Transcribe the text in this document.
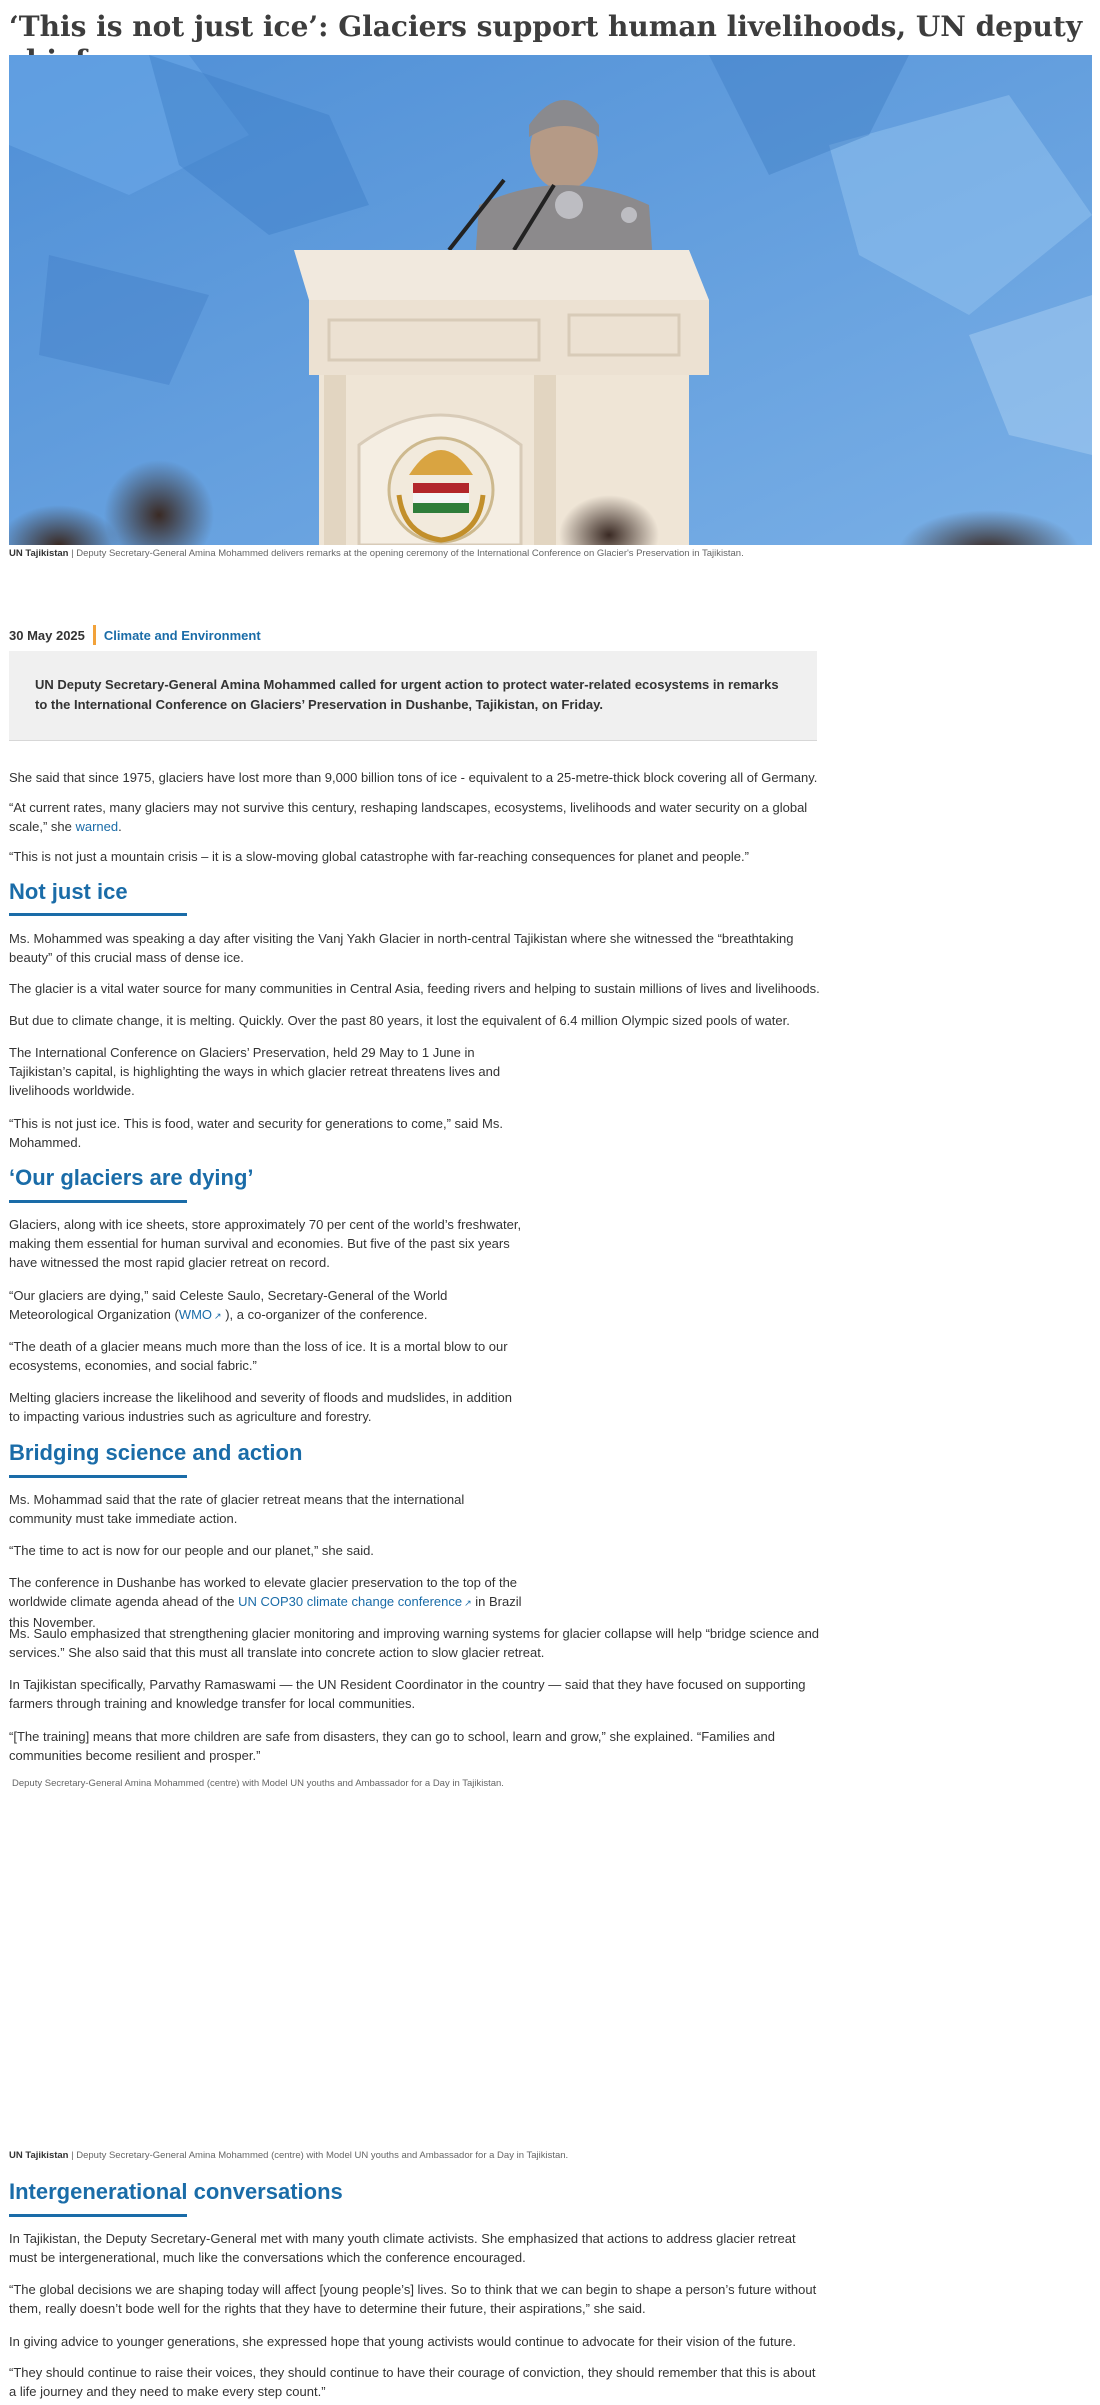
‘This is not just ice’: Glaciers support human livelihoods, UN deputy
UN Tajikistan | Deputy Secretary-General Amina Mohammed delivers remarks at the opening ceremony of the International Conference on Glacier's Preservation in Tajikistan.
30 May 2025 Climate and Environment

UN Deputy Secretary-General Amina Mohammed called for urgent action to protect water-related ecosystems in remarks to the International Conference on Glaciers’ Preservation in Dushanbe, Tajikistan, on Friday.

She said that since 1975, glaciers have lost more than 9,000 billion tons of ice - equivalent to a 25-metre-thick block covering all of Germany.

“At current rates, many glaciers may not survive this century, reshaping landscapes, ecosystems, livelihoods and water security on a global scale,” she warned.

“This is not just a mountain crisis – it is a slow-moving global catastrophe with far-reaching consequences for planet and people.”

Not just ice

Ms. Mohammed was speaking a day after visiting the Vanj Yakh Glacier in north-central Tajikistan where she witnessed the “breathtaking beauty” of this crucial mass of dense ice.

The glacier is a vital water source for many communities in Central Asia, feeding rivers and helping to sustain millions of lives and livelihoods.

But due to climate change, it is melting. Quickly. Over the past 80 years, it lost the equivalent of 6.4 million Olympic sized pools of water.

The International Conference on Glaciers’ Preservation, held 29 May to 1 June in Tajikistan’s capital, is highlighting the ways in which glacier retreat threatens lives and livelihoods worldwide.

“This is not just ice. This is food, water and security for generations to come,” said Ms. Mohammed.

‘Our glaciers are dying’

Glaciers, along with ice sheets, store approximately 70 per cent of the world’s freshwater, making them essential for human survival and economies. But five of the past six years have witnessed the most rapid glacier retreat on record.

“Our glaciers are dying,” said Celeste Saulo, Secretary-General of the World Meteorological Organization (WMO ↗ ), a co-organizer of the conference.

“The death of a glacier means much more than the loss of ice. It is a mortal blow to our ecosystems, economies, and social fabric.”

Melting glaciers increase the likelihood and severity of floods and mudslides, in addition to impacting various industries such as agriculture and forestry.

Bridging science and action

Ms. Mohammad said that the rate of glacier retreat means that the international community must take immediate action.

“The time to act is now for our people and our planet,” she said.

The conference in Dushanbe has worked to elevate glacier preservation to the top of the worldwide climate agenda ahead of the UN COP30 climate change conference ↗ in Brazil this November.

Ms. Saulo emphasized that strengthening glacier monitoring and improving warning systems for glacier collapse will help “bridge science and services.” She also said that this must all translate into concrete action to slow glacier retreat.

In Tajikistan specifically, Parvathy Ramaswami — the UN Resident Coordinator in the country — said that they have focused on supporting farmers through training and knowledge transfer for local communities.

“[The training] means that more children are safe from disasters, they can go to school, learn and grow,” she explained. “Families and communities become resilient and prosper.”

Deputy Secretary-General Amina Mohammed (centre) with Model UN youths and Ambassador for a Day in Tajikistan.
UN Tajikistan | Deputy Secretary-General Amina Mohammed (centre) with Model UN youths and Ambassador for a Day in Tajikistan.
Intergenerational conversations

In Tajikistan, the Deputy Secretary-General met with many youth climate activists. She emphasized that actions to address glacier retreat must be intergenerational, much like the conversations which the conference encouraged.

“The global decisions we are shaping today will affect [young people’s] lives. So to think that we can begin to shape a person’s future without them, really doesn’t bode well for the rights that they have to determine their future, their aspirations,” she said.

In giving advice to younger generations, she expressed hope that young activists would continue to advocate for their vision of the future.

“They should continue to raise their voices, they should continue to have their courage of conviction, they should remember that this is about a life journey and they need to make every step count.”
